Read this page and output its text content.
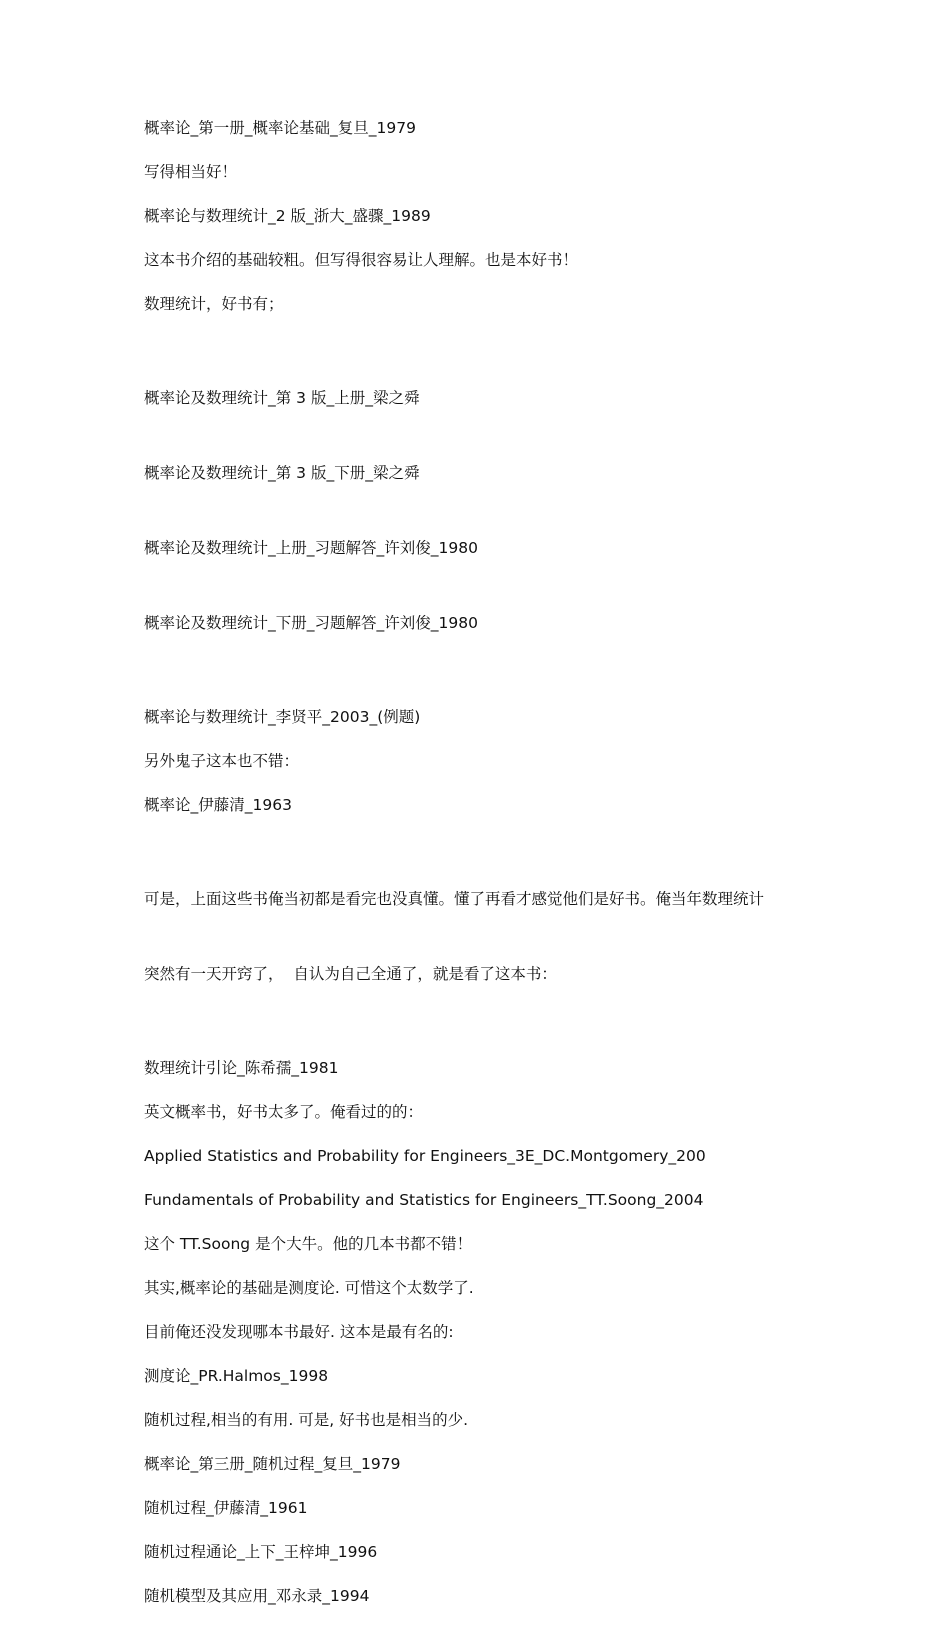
概率论_第一册_概率论基础_复旦_1979

写得相当好！

概率论与数理统计_2 版_浙大_盛骤_1989

这本书介绍的基础较粗。但写得很容易让人理解。也是本好书！

数理统计，好书有；

概率论及数理统计_第 3 版_上册_梁之舜

概率论及数理统计_第 3 版_下册_梁之舜

概率论及数理统计_上册_习题解答_许刘俊_1980

概率论及数理统计_下册_习题解答_许刘俊_1980

概率论与数理统计_李贤平_2003_(例题)

另外鬼子这本也不错：

概率论_伊藤清_1963

可是，上面这些书俺当初都是看完也没真懂。懂了再看才感觉他们是好书。俺当年数理统计

突然有一天开窍了，  自认为自己全通了，就是看了这本书：

数理统计引论_陈希孺_1981

英文概率书，好书太多了。俺看过的的：

Applied Statistics and Probability for Engineers_3E_DC.Montgomery_200

Fundamentals of Probability and Statistics for Engineers_TT.Soong_2004

这个 TT.Soong 是个大牛。他的几本书都不错！

其实,概率论的基础是测度论. 可惜这个太数学了.

目前俺还没发现哪本书最好. 这本是最有名的:

测度论_PR.Halmos_1998

随机过程,相当的有用. 可是, 好书也是相当的少.

概率论_第三册_随机过程_复旦_1979

随机过程_伊藤清_1961

随机过程通论_上下_王梓坤_1996

随机模型及其应用_邓永录_1994
